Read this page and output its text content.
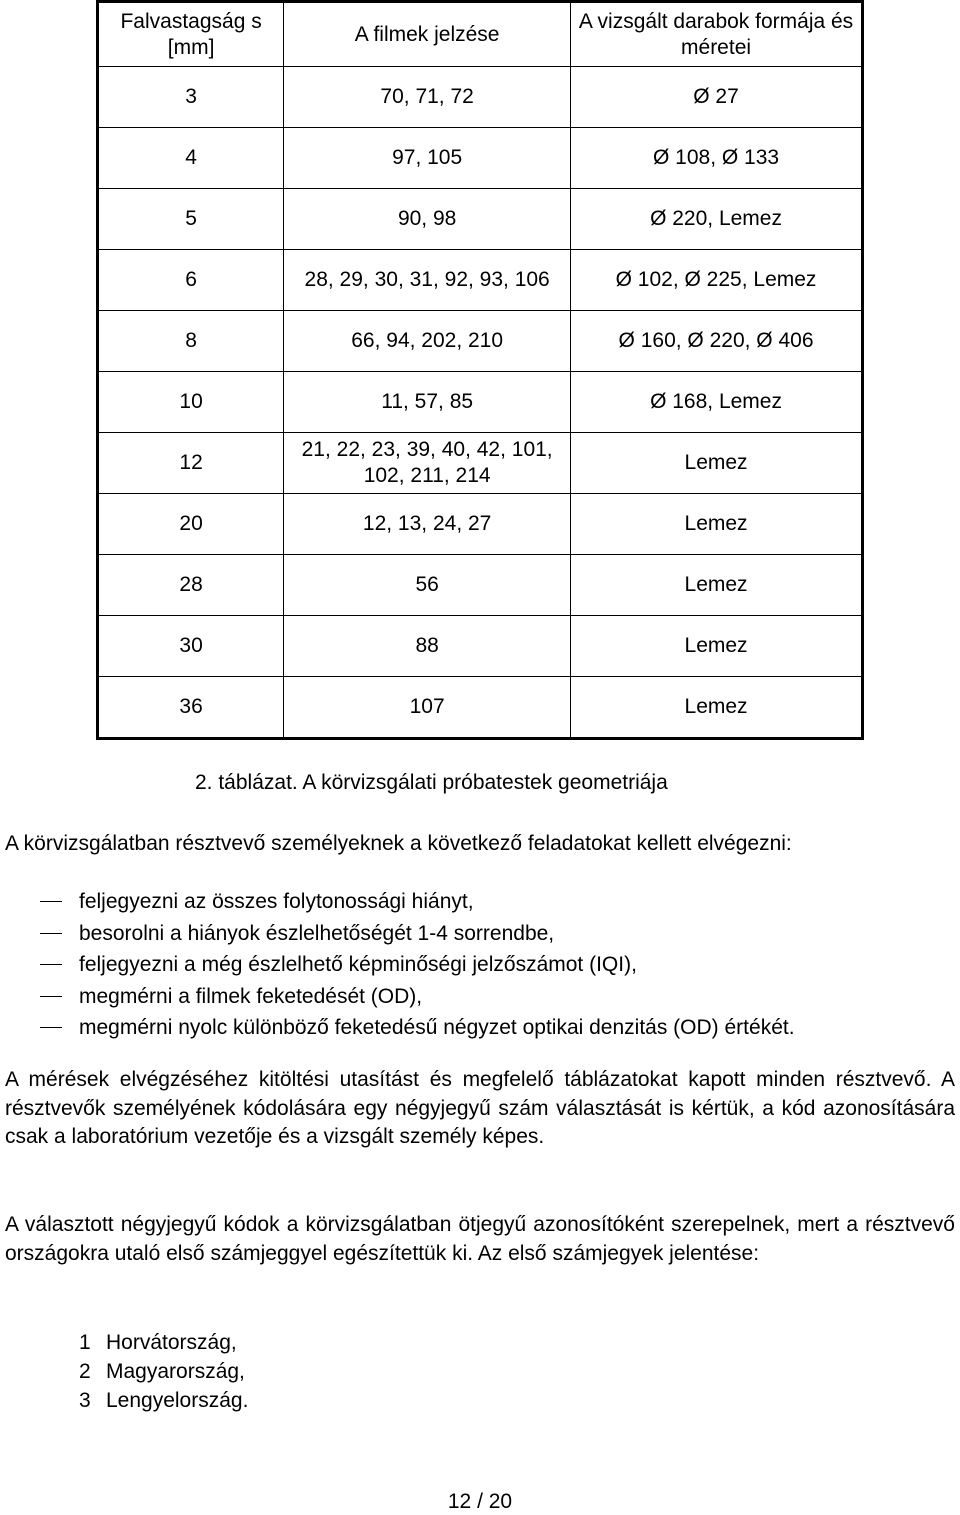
Falvastagság s [mm]	A filmek jelzése	A vizsgált darabok formája és méretei
3	70, 71, 72	Ø 27
4	97, 105	Ø 108, Ø 133
5	90, 98	Ø 220, Lemez
6	28, 29, 30, 31, 92, 93, 106	Ø 102, Ø 225, Lemez
8	66, 94, 202, 210	Ø 160, Ø 220, Ø 406
10	11, 57, 85	Ø 168, Lemez
12	21, 22, 23, 39, 40, 42, 101, 102, 211, 214	Lemez
20	12, 13, 24, 27	Lemez
28	56	Lemez
30	88	Lemez
36	107	Lemez
2. táblázat. A körvizsgálati próbatestek geometriája

A körvizsgálatban résztvevő személyeknek a következő feladatokat kellett elvégezni:

feljegyezni az összes folytonossági hiányt,
besorolni a hiányok észlelhetőségét 1-4 sorrendbe,
feljegyezni a még észlelhető képminőségi jelzőszámot (IQI),
megmérni a filmek feketedését (OD),
megmérni nyolc különböző feketedésű négyzet optikai denzitás (OD) értékét.

A mérések elvégzéséhez kitöltési utasítást és megfelelő táblázatokat kapott minden résztvevő. A résztvevők személyének kódolására egy négyjegyű szám választását is kértük, a kód azonosítására csak a laboratórium vezetője és a vizsgált személy képes.

A választott négyjegyű kódok a körvizsgálatban ötjegyű azonosítóként szerepelnek, mert a résztvevő országokra utaló első számjeggyel egészítettük ki. Az első számjegyek jelentése:

1 Horvátország,
2 Magyarország,
3 Lengyelország.
12 / 20
